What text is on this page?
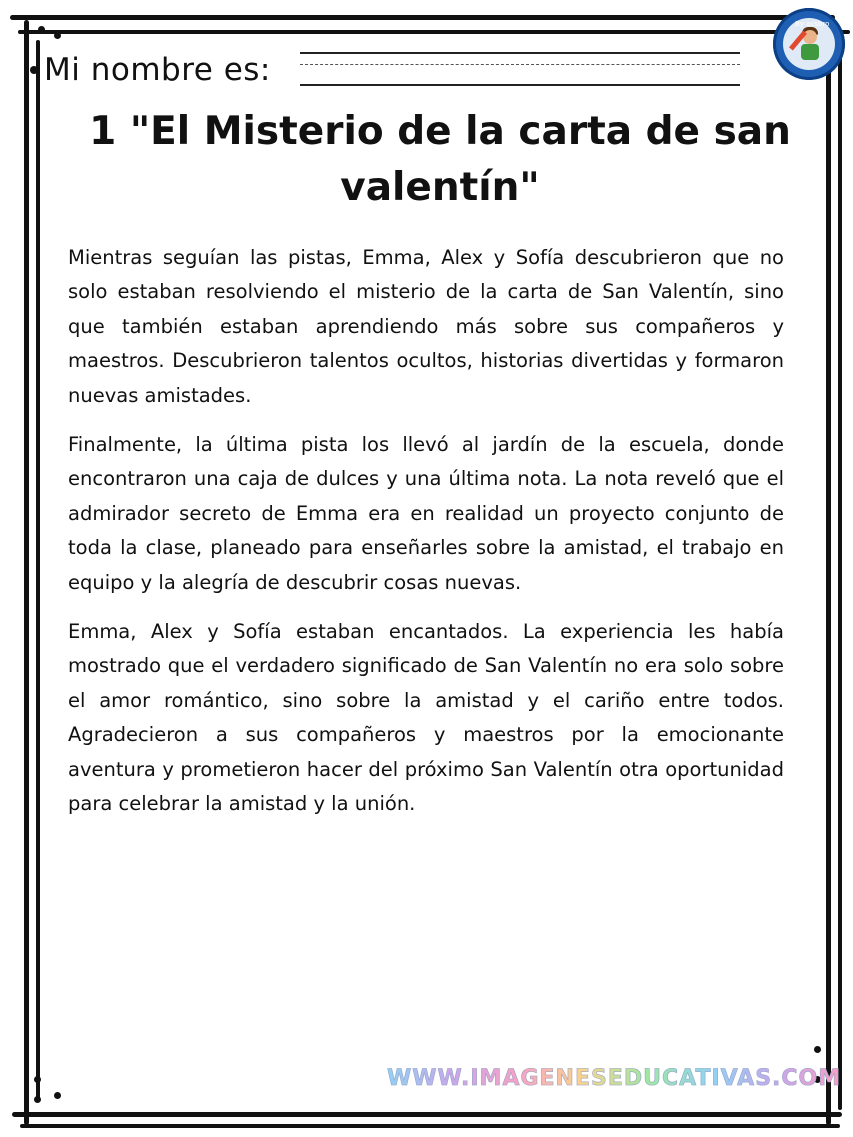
Mi nombre es:
By acsbro
1 "El Misterio de la carta de san valentín"

Mientras seguían las pistas, Emma, Alex y Sofía descubrieron que no solo estaban resolviendo el misterio de la carta de San Valentín, sino que también estaban aprendiendo más sobre sus compañeros y maestros. Descubrieron talentos ocultos, historias divertidas y formaron nuevas amistades.

Finalmente, la última pista los llevó al jardín de la escuela, donde encontraron una caja de dulces y una última nota. La nota reveló que el admirador secreto de Emma era en realidad un proyecto conjunto de toda la clase, planeado para enseñarles sobre la amistad, el trabajo en equipo y la alegría de descubrir cosas nuevas.

Emma, Alex y Sofía estaban encantados. La experiencia les había mostrado que el verdadero significado de San Valentín no era solo sobre el amor romántico, sino sobre la amistad y el cariño entre todos. Agradecieron a sus compañeros y maestros por la emocionante aventura y prometieron hacer del próximo San Valentín otra oportunidad para celebrar la amistad y la unión.

WWW.IMAGENESEDUCATIVAS.COM
